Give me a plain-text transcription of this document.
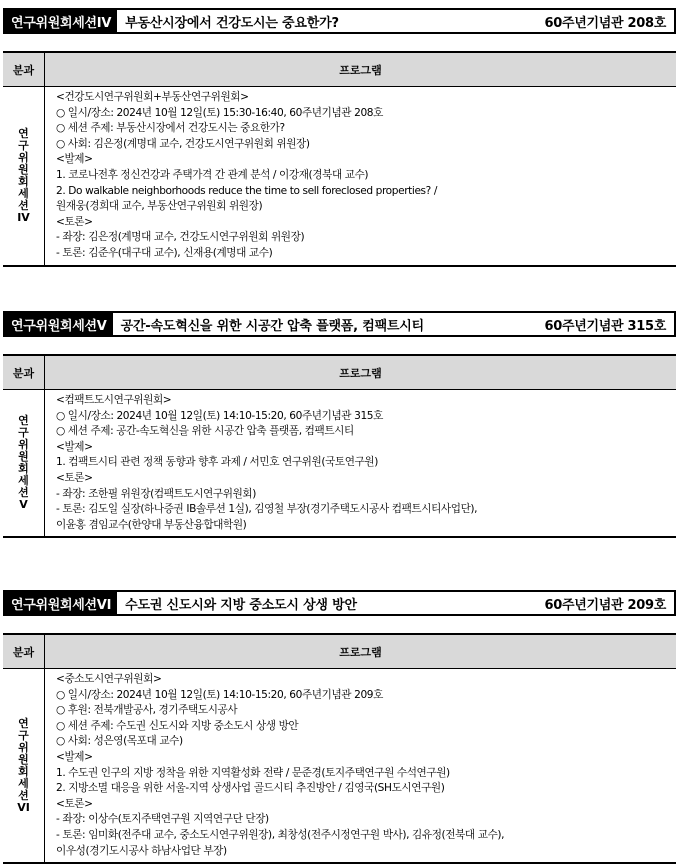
연구위원회세션IV	부동산시장에서 건강도시는 중요한가?	60주년기념관 208호
분과	프로그램
연구위원회세션IV
<건강도시연구위원회+부동산연구위원회>
○ 일시/장소: 2024년 10월 12일(토) 15:30-16:40, 60주년기념관 208호
○ 세션 주제: 부동산시장에서 건강도시는 중요한가?
○ 사회: 김은정(계명대 교수, 건강도시연구위원회 위원장)
<발제>
1. 코로나전후 정신건강과 주택가격 간 관계 분석 / 이강재(경북대 교수)
2. Do walkable neighborhoods reduce the time to sell foreclosed properties? /
원재웅(경희대 교수, 부동산연구위원회 위원장)
<토론>
- 좌장: 김은정(계명대 교수, 건강도시연구위원회 위원장)
- 토론: 김준우(대구대 교수), 신재용(계명대 교수)
연구위원회세션Ⅴ	공간-속도혁신을 위한 시공간 압축 플랫폼, 컴팩트시티	60주년기념관 315호
분과	프로그램
연구위원회세션Ⅴ
<컴팩트도시연구위원회>
○ 일시/장소: 2024년 10월 12일(토) 14:10-15:20, 60주년기념관 315호
○ 세션 주제: 공간-속도혁신을 위한 시공간 압축 플랫폼, 컴팩트시티
<발제>
1. 컴팩트시티 관련 정책 동향과 향후 과제 / 서민호 연구위원(국토연구원)
<토론>
- 좌장: 조한필 위원장(컴팩트도시연구위원회)
- 토론: 김도일 실장(하나증권 IB솔루션 1실), 김영철 부장(경기주택도시공사 컴팩트시티사업단),
이윤홍 겸임교수(한양대 부동산융합대학원)
연구위원회세션VI	수도권 신도시와 지방 중소도시 상생 방안	60주년기념관 209호
분과	프로그램
연구위원회세션VI
<중소도시연구위원회>
○ 일시/장소: 2024년 10월 12일(토) 14:10-15:20, 60주년기념관 209호
○ 후원: 전북개발공사, 경기주택도시공사
○ 세션 주제: 수도권 신도시와 지방 중소도시 상생 방안
○ 사회: 성은영(목포대 교수)
<발제>
1. 수도권 인구의 지방 정착을 위한 지역활성화 전략 / 문준경(토지주택연구원 수석연구원)
2. 지방소멸 대응을 위한 서울-지역 상생사업 골드시티 추진방안 / 김영국(SH도시연구원)
<토론>
- 좌장: 이상수(토지주택연구원 지역연구단 단장)
- 토론: 임미화(전주대 교수, 중소도시연구위원장), 최창성(전주시정연구원 박사), 김유정(전북대 교수),
이우성(경기도시공사 하남사업단 부장)
